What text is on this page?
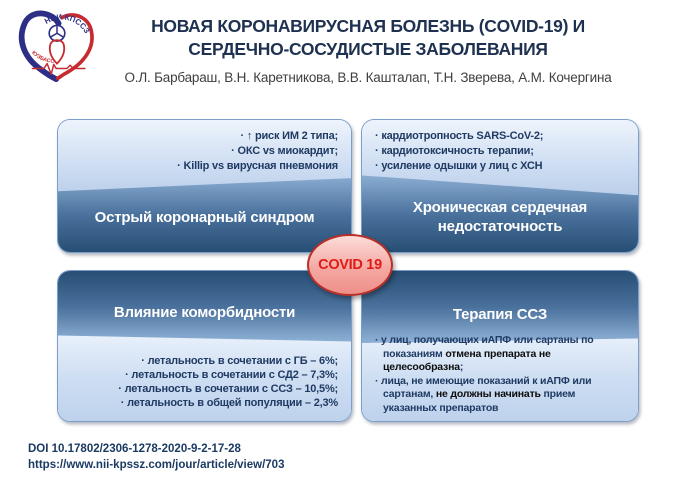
НИИ КПССЗ
КУЗБАСС
НОВАЯ КОРОНАВИРУСНАЯ БОЛЕЗНЬ (COVID-19) И
СЕРДЕЧНО-СОСУДИСТЫЕ ЗАБОЛЕВАНИЯ
О.Л. Барбараш, В.Н. Каретникова, В.В. Кашталап, Т.Н. Зверева, А.М. Кочергина
· ↑ риск ИМ 2 типа;
· ОКС vs миокардит;
· Killip vs вирусная пневмония
Острый коронарный синдром
· кардиотропность SARS-CoV-2;
· кардиотоксичность терапии;
· усиление одышки у лиц с ХСН
Хроническая сердечная недостаточность
· летальность в сочетании с ГБ – 6%;
· летальность в сочетании с СД2 – 7,3%;
· летальность в сочетании с ССЗ – 10,5%;
· летальность в общей популяции – 2,3%
Влияние коморбидности
· у лиц, получающих иАПФ или сартаны по показаниям отмена препарата не целесообразна;
· лица, не имеющие показаний к иАПФ или сартанам, не должны начинать прием указанных препаратов
Терапия ССЗ
COVID 19
DOI 10.17802/2306-1278-2020-9-2-17-28
https://www.nii-kpssz.com/jour/article/view/703
